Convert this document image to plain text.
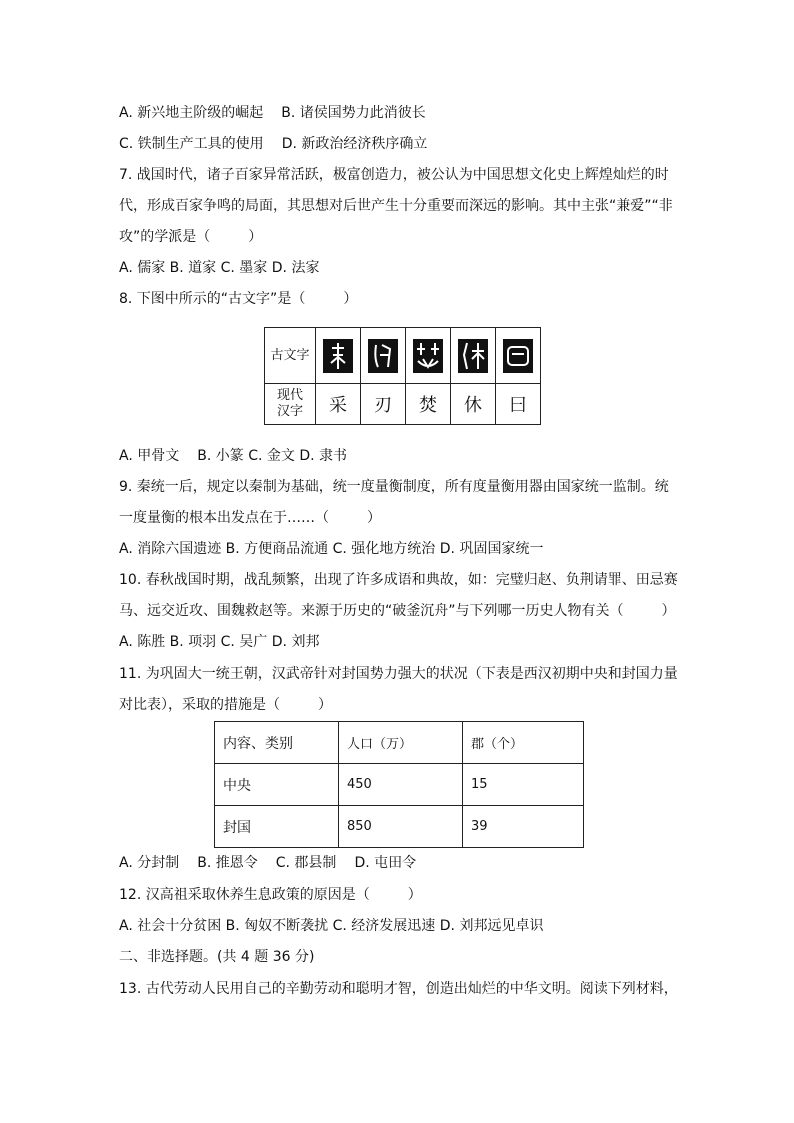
A. 新兴地主阶级的崛起 B. 诸侯国势力此消彼长
C. 铁制生产工具的使用 D. 新政治经济秩序确立
7. 战国时代，诸子百家异常活跃，极富创造力，被公认为中国思想文化史上辉煌灿烂的时
代，形成百家争鸣的局面，其思想对后世产生十分重要而深远的影响。其中主张“兼爱”“非
攻”的学派是（	）
A. 儒家 B. 道家 C. 墨家 D. 法家
8. 下图中所示的“古文字”是（	）
古文字	

现代
汉字	采	刃	焚	休	曰
A. 甲骨文 B. 小篆 C. 金文 D. 隶书
9. 秦统一后，规定以秦制为基础，统一度量衡制度，所有度量衡用器由国家统一监制。统
一度量衡的根本出发点在于……（	）
A. 消除六国遗迹 B. 方便商品流通 C. 强化地方统治 D. 巩固国家统一
10. 春秋战国时期，战乱频繁，出现了许多成语和典故，如：完璧归赵、负荆请罪、田忌赛
马、远交近攻、围魏救赵等。来源于历史的“破釜沉舟”与下列哪一历史人物有关（	）
A. 陈胜 B. 项羽 C. 吴广 D. 刘邦
11. 为巩固大一统王朝，汉武帝针对封国势力强大的状况（下表是西汉初期中央和封国力量
对比表），采取的措施是（	）
内容、类别	人口（万）	郡（个）
中央	450	15
封国	850	39
A. 分封制 B. 推恩令 C. 郡县制 D. 屯田令
12. 汉高祖采取休养生息政策的原因是（	）
A. 社会十分贫困 B. 匈奴不断袭扰 C. 经济发展迅速 D. 刘邦远见卓识
二、非选择题。(共 4 题 36 分)
13. 古代劳动人民用自己的辛勤劳动和聪明才智，创造出灿烂的中华文明。阅读下列材料，
